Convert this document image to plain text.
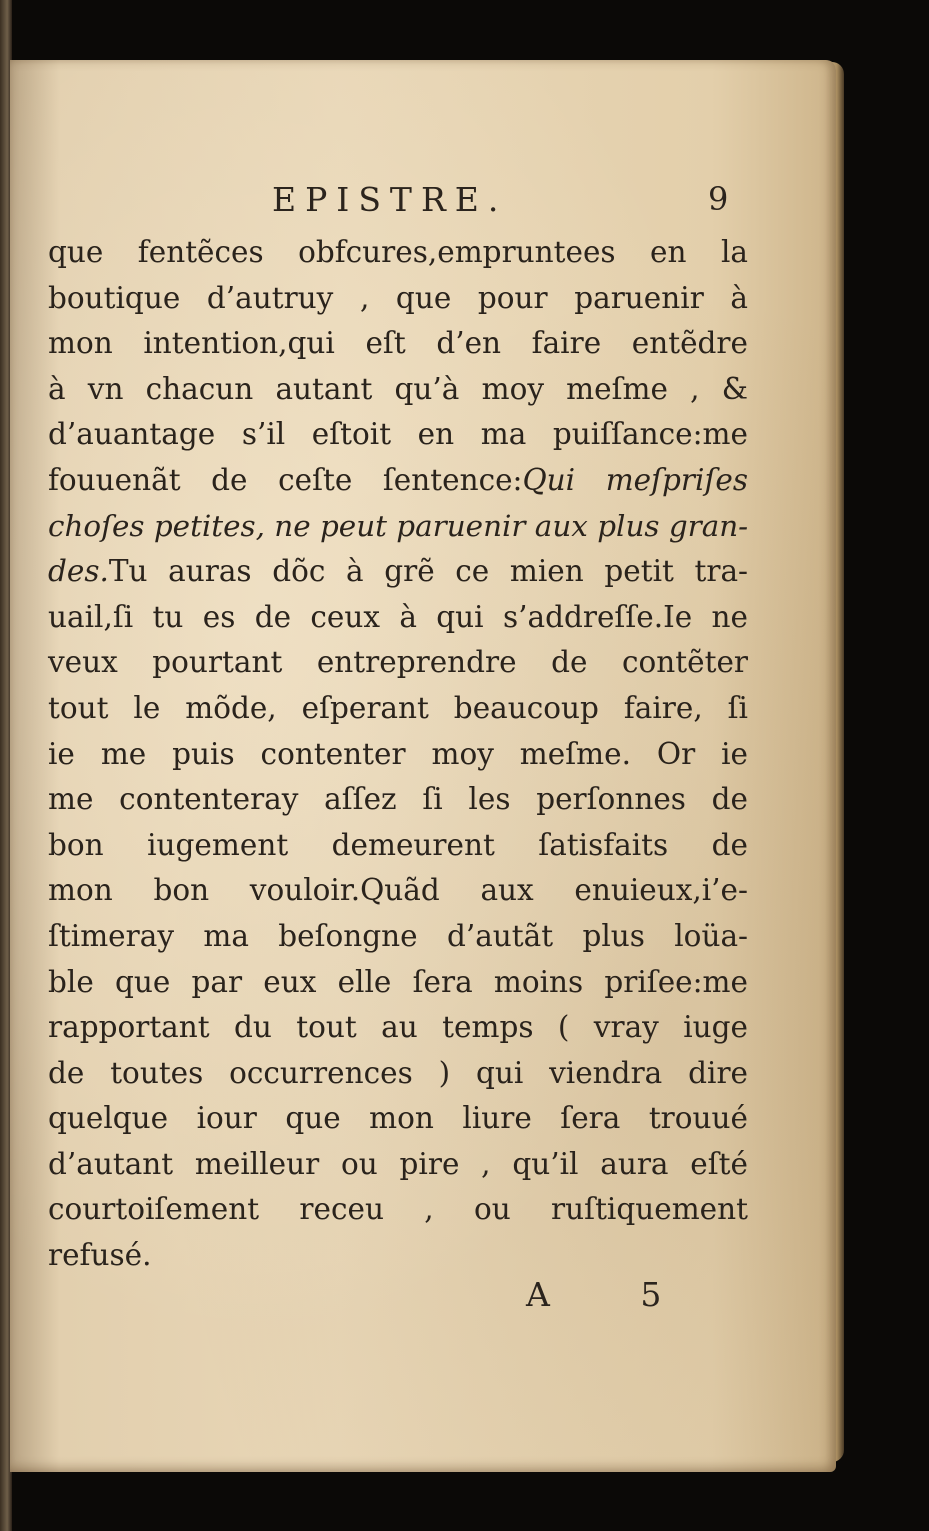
EPISTRE.	9
que fentẽces obfcures,empruntees en la
boutique d’autruy , que pour paruenir à
mon intention,qui eſt d’en faire entẽdre
à vn chacun autant qu’à moy meſme , &
d’auantage s’il eſtoit en ma puiſſance:me
fouuenãt de ceſte ſentence:Qui meſpriſes
choſes petites, ne peut paruenir aux plus gran-
des.Tu auras dõc à grẽ ce mien petit tra-
uail,ſi tu es de ceux à qui s’addreſſe.Ie ne
veux pourtant entreprendre de contẽter
tout le mõde, eſperant beaucoup faire, ſi
ie me puis contenter moy meſme. Or ie
me contenteray aſſez ſi les perſonnes de
bon iugement demeurent ſatisfaits de
mon bon vouloir.Quãd aux enuieux,i’e-
ſtimeray ma beſongne d’autãt plus loüa-
ble que par eux elle ſera moins priſee:me
rapportant du tout au temps ( vray iuge
de toutes occurrences ) qui viendra dire
quelque iour que mon liure ſera trouué
d’autant meilleur ou pire , qu’il aura eſté
courtoiſement receu , ou ruſtiquement
refusé.
A 5
